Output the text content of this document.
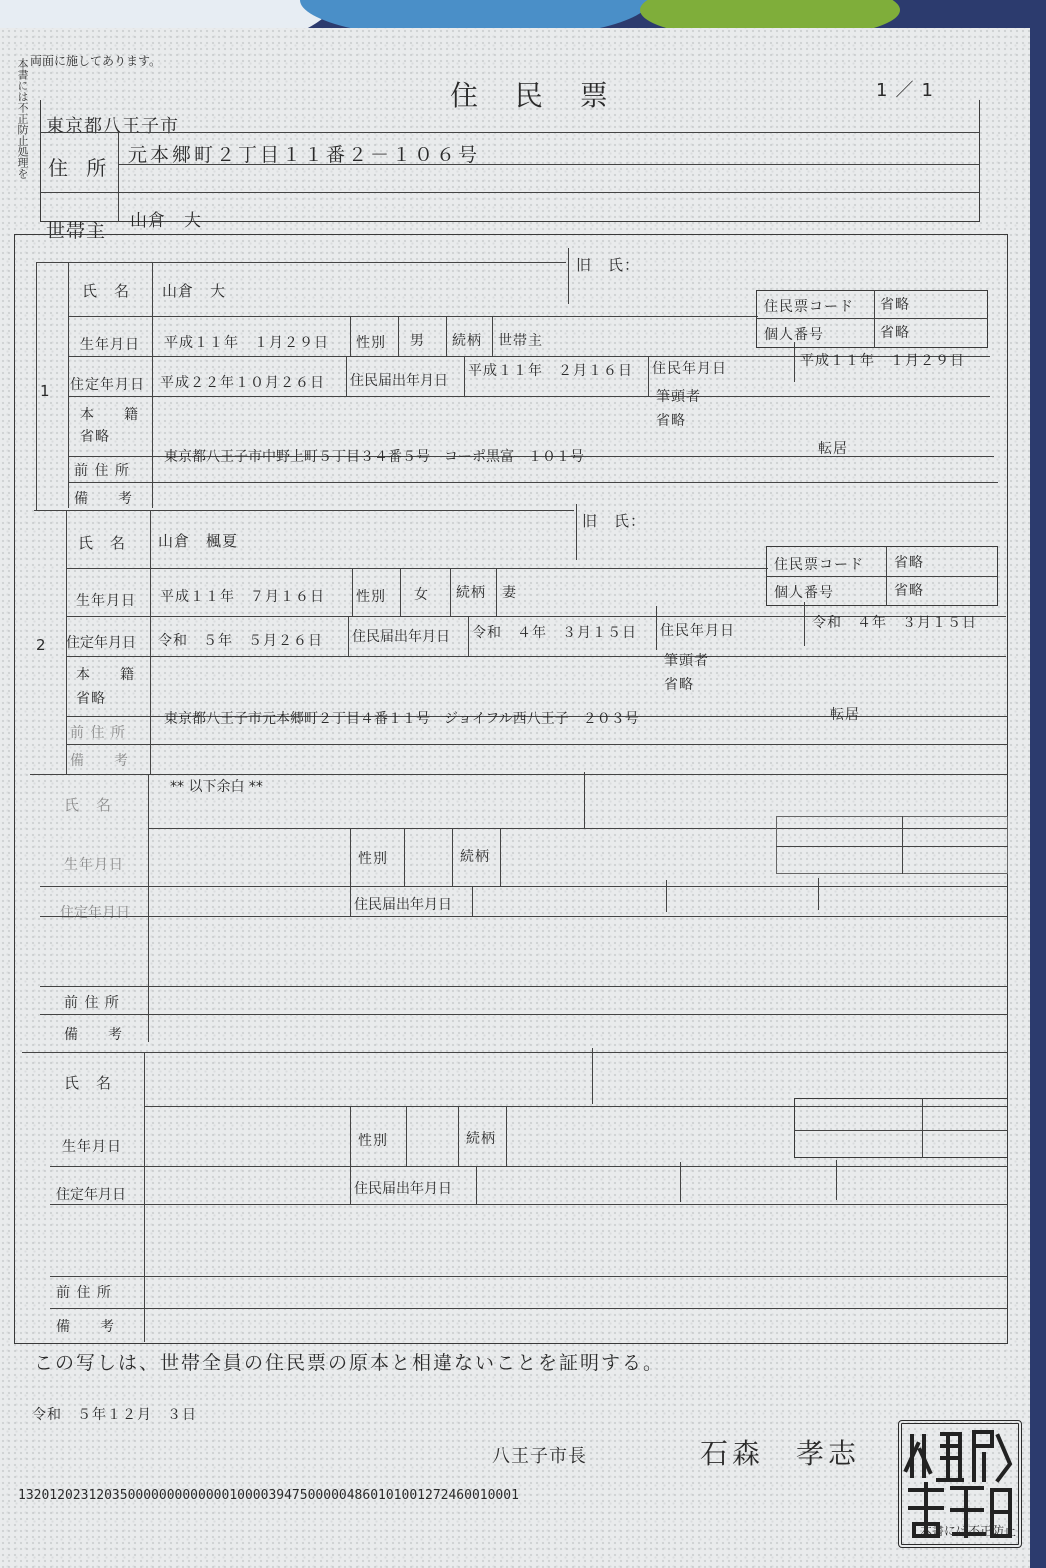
本書には不正防止処理を 両面に施してあります。
住 民 票	1／1
東京都八王子市
住 所
元本郷町２丁目１１番２－１０６号
世帯主 山倉　大
1
氏　名 山倉　大
旧　氏：
住民票コード 省略
個人番号	省略
生年月日 平成１１年　１月２９日 性別 男 続柄 世帯主
住定年月日 平成２２年１０月２６日 住民届出年月日
平成１１年　２月１６日 住民年月日	平成１１年　１月２９日
本　籍
省略
筆頭者
省略
前 住 所
東京都八王子市中野上町５丁目３４番５号　コーポ黒富　１０１号	転居
備　考
2
氏　名 山倉　楓夏
旧　氏：
住民票コード 省略
個人番号	省略
生年月日 平成１１年　７月１６日 性別 女 続柄 妻
住定年月日 令和　５年　５月２６日 住民届出年月日 令和　４年　３月１５日 住民年月日	令和　４年　３月１５日
本　籍
省略
筆頭者
省略
前 住 所
東京都八王子市元本郷町２丁目４番１１号　ジョイフル西八王子　２０３号	転居
備　考
** 以下余白 **
氏　名
生年月日	性別	続柄
住定年月日	住民届出年月日
前 住 所
備　考
氏　名
生年月日	性別	続柄
住定年月日	住民届出年月日
前 住 所
備　考
この写しは、世帯全員の住民票の原本と相違ないことを証明する。
令和　５年１２月　３日
八王子市長	石森　孝志
1320120231203500000000000001000039475000004860101001272460010001
本書には不正防止
